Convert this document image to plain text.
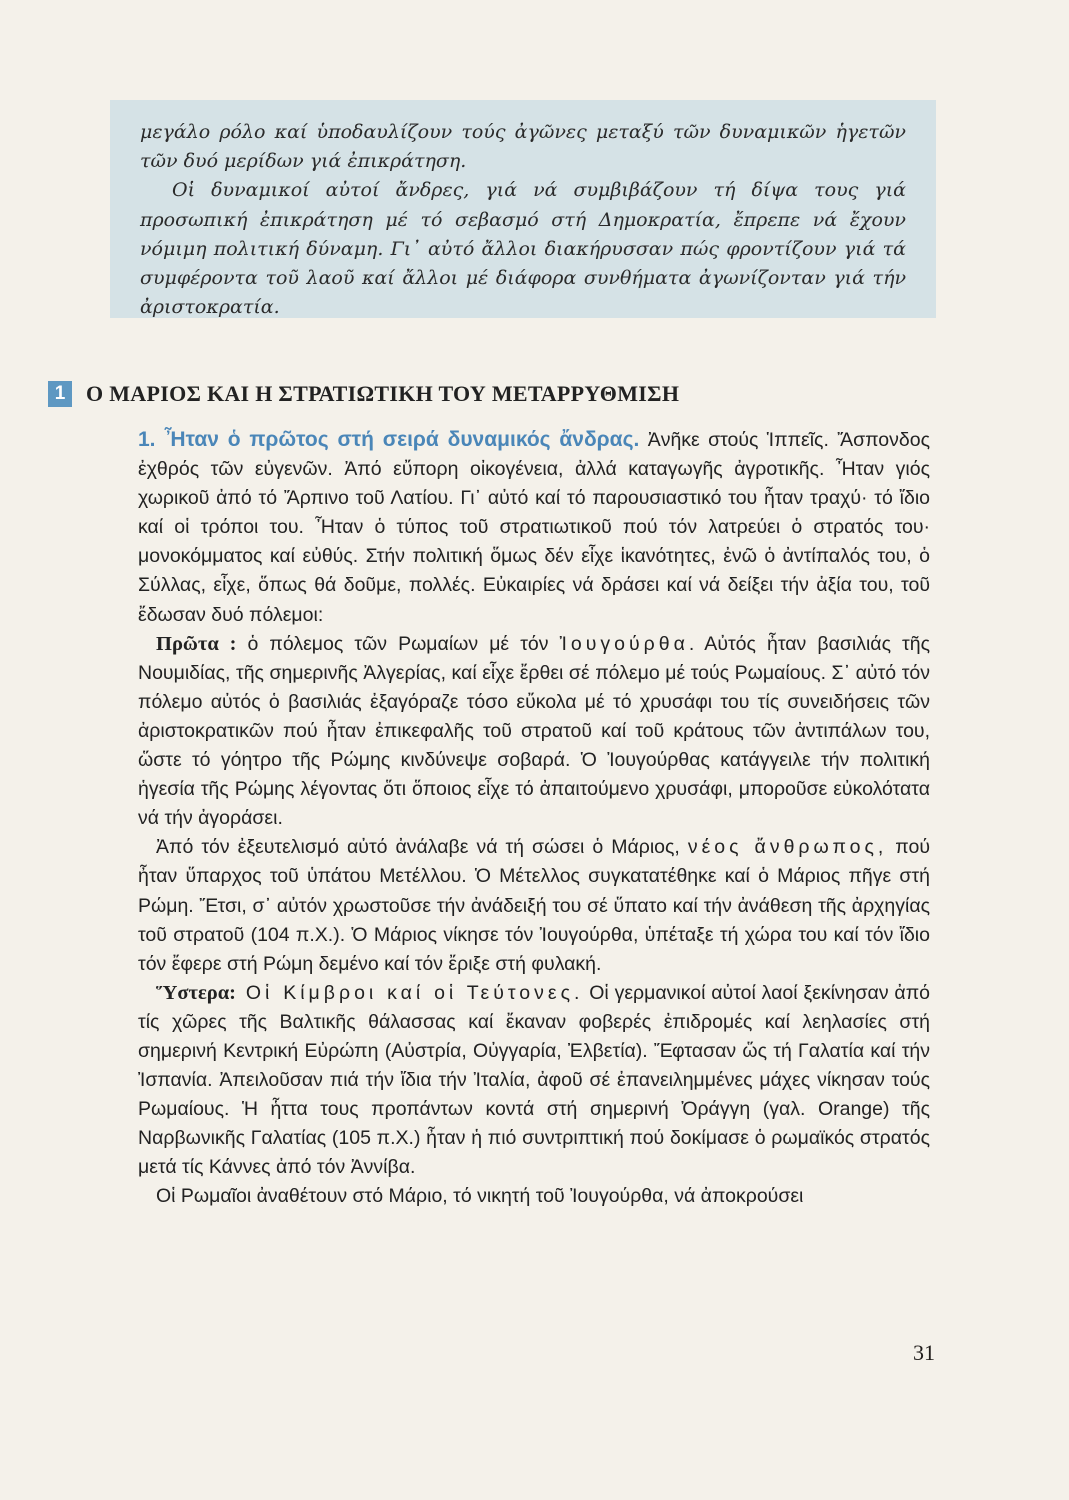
μεγάλο ρόλο καί ὑποδαυλίζουν τούς ἀγῶνες μεταξύ τῶν δυναμικῶν ἡγετῶν τῶν δυό μερίδων γιά ἐπικράτηση.

Οἱ δυναμικοί αὐτοί ἄνδρες, γιά νά συμβιβάζουν τή δίψα τους γιά προσωπική ἐπικράτηση μέ τό σεβασμό στή Δημοκρατία, ἔπρεπε νά ἔχουν νόμιμη πολιτική δύναμη. Γι᾿ αὐτό ἄλλοι διακήρυσσαν πώς φροντίζουν γιά τά συμφέροντα τοῦ λαοῦ καί ἄλλοι μέ διάφορα συνθήματα ἀγωνίζονταν γιά τήν ἀριστοκρατία.

1 Ο ΜΑΡΙΟΣ ΚΑΙ Η ΣΤΡΑΤΙΩΤΙΚΗ ΤΟΥ ΜΕΤΑΡΡΥΘΜΙΣΗ

1. Ἦταν ὁ πρῶτος στή σειρά δυναμικός ἄνδρας. Ἀνῆκε στούς Ἱππεῖς. Ἄσπονδος ἐχθρός τῶν εὐγενῶν. Ἀπό εὔπορη οἰκογένεια, ἀλλά καταγωγῆς ἀγροτικῆς. Ἦταν γιός χωρικοῦ ἀπό τό Ἄρπινο τοῦ Λατίου. Γι᾿ αὐτό καί τό παρουσιαστικό του ἦταν τραχύ· τό ἴδιο καί οἱ τρόποι του. Ἦταν ὁ τύπος τοῦ στρατιωτικοῦ πού τόν λατρεύει ὁ στρατός του· μονοκόμματος καί εὐθύς. Στήν πολιτική ὅμως δέν εἶχε ἱκανότητες, ἐνῶ ὁ ἀντίπαλός του, ὁ Σύλλας, εἶχε, ὅπως θά δοῦμε, πολλές. Εὐκαιρίες νά δράσει καί νά δείξει τήν ἀξία του, τοῦ ἔδωσαν δυό πόλεμοι:

Πρῶτα : ὁ πόλεμος τῶν Ρωμαίων μέ τόν Ἰουγούρθα. Αὐτός ἦταν βασιλιάς τῆς Νουμιδίας, τῆς σημερινῆς Ἀλγερίας, καί εἶχε ἔρθει σέ πόλεμο μέ τούς Ρωμαίους. Σ᾿ αὐτό τόν πόλεμο αὐτός ὁ βασιλιάς ἐξαγόραζε τόσο εὔκολα μέ τό χρυσάφι του τίς συνειδήσεις τῶν ἀριστοκρατικῶν πού ἦταν ἐπικεφαλῆς τοῦ στρατοῦ καί τοῦ κράτους τῶν ἀντιπάλων του, ὥστε τό γόητρο τῆς Ρώμης κινδύνεψε σοβαρά. Ὁ Ἰουγούρθας κατάγγειλε τήν πολιτική ἡγεσία τῆς Ρώμης λέγοντας ὅτι ὅποιος εἶχε τό ἀπαιτούμενο χρυσάφι, μποροῦσε εὐκολότατα νά τήν ἀγοράσει.

Ἀπό τόν ἐξευτελισμό αὐτό ἀνάλαβε νά τή σώσει ὁ Μάριος, νέος ἄνθρωπος, πού ἦταν ὕπαρχος τοῦ ὑπάτου Μετέλλου. Ὁ Μέτελλος συγκατατέθηκε καί ὁ Μάριος πῆγε στή Ρώμη. Ἔτσι, σ᾿ αὐτόν χρωστοῦσε τήν ἀνάδειξή του σέ ὕπατο καί τήν ἀνάθεση τῆς ἀρχηγίας τοῦ στρατοῦ (104 π.Χ.). Ὁ Μάριος νίκησε τόν Ἰουγούρθα, ὑπέταξε τή χώρα του καί τόν ἴδιο τόν ἔφερε στή Ρώμη δεμένο καί τόν ἔριξε στή φυλακή.

Ὕστερα: Οἱ Κίμβροι καί οἱ Τεύτονες. Οἱ γερμανικοί αὐτοί λαοί ξεκίνησαν ἀπό τίς χῶρες τῆς Βαλτικῆς θάλασσας καί ἔκαναν φοβερές ἐπιδρομές καί λεηλασίες στή σημερινή Κεντρική Εὐρώπη (Αὐστρία, Οὐγγαρία, Ἐλβετία). Ἔφτασαν ὥς τή Γαλατία καί τήν Ἰσπανία. Ἀπειλοῦσαν πιά τήν ἴδια τήν Ἰταλία, ἀφοῦ σέ ἐπανειλημμένες μάχες νίκησαν τούς Ρωμαίους. Ἡ ἧττα τους προπάντων κοντά στή σημερινή Ὀράγγη (γαλ. Orange) τῆς Ναρβωνικῆς Γαλατίας (105 π.Χ.) ἦταν ἡ πιό συντριπτική πού δοκίμασε ὁ ρωμαϊκός στρατός μετά τίς Κάννες ἀπό τόν Ἀννίβα.

Οἱ Ρωμαῖοι ἀναθέτουν στό Μάριο, τό νικητή τοῦ Ἰουγούρθα, νά ἀποκρούσει

31
